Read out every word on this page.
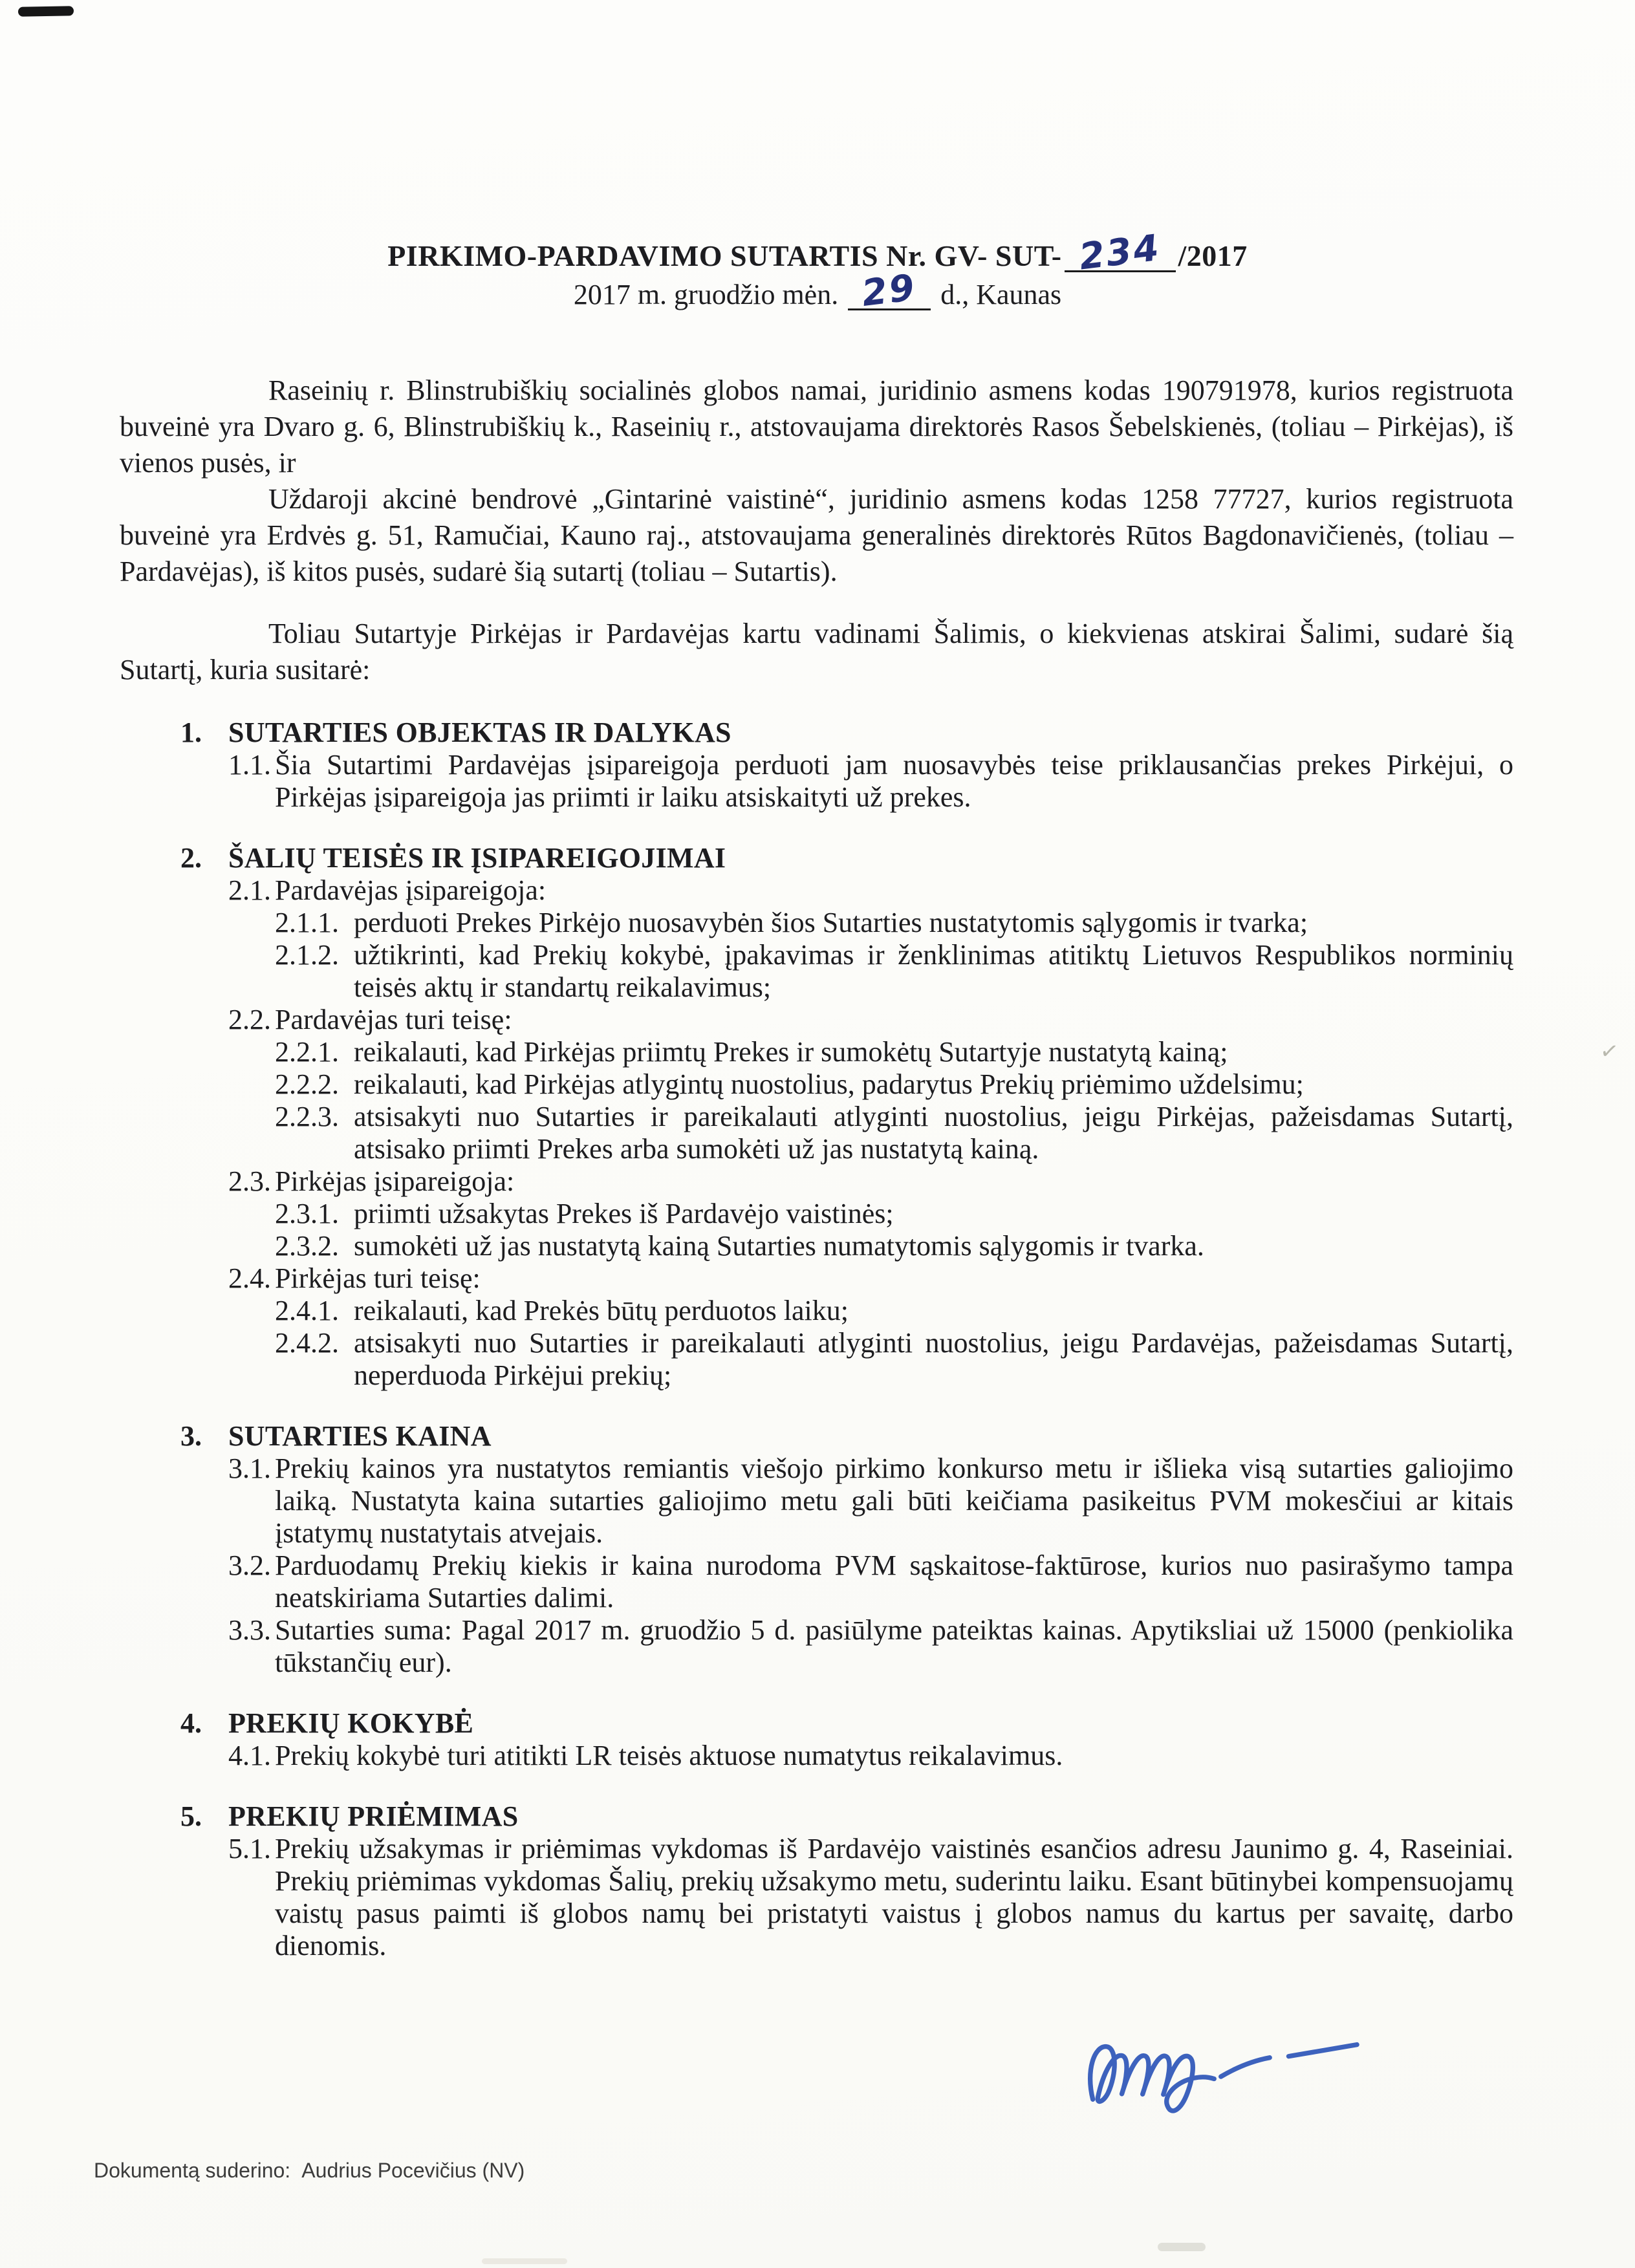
✓
PIRKIMO-PARDAVIMO SUTARTIS Nr. GV- SUT- 234 /2017
2017 m. gruodžio mėn. 29 d., Kaunas

Raseinių r. Blinstrubiškių socialinės globos namai, juridinio asmens kodas 190791978, kurios registruota buveinė yra Dvaro g. 6, Blinstrubiškių k., Raseinių r., atstovaujama direktorės Rasos Šebelskienės, (toliau – Pirkėjas), iš vienos pusės, ir

Uždaroji akcinė bendrovė „Gintarinė vaistinė“, juridinio asmens kodas 1258 77727, kurios registruota buveinė yra Erdvės g. 51, Ramučiai, Kauno raj., atstovaujama generalinės direktorės Rūtos Bagdonavičienės, (toliau – Pardavėjas), iš kitos pusės, sudarė šią sutartį (toliau – Sutartis).

Toliau Sutartyje Pirkėjas ir Pardavėjas kartu vadinami Šalimis, o kiekvienas atskirai Šalimi, sudarė šią Sutartį, kuria susitarė:

1. SUTARTIES OBJEKTAS IR DALYKAS
1.1. Šia Sutartimi Pardavėjas įsipareigoja perduoti jam nuosavybės teise priklausančias prekes Pirkėjui, o Pirkėjas įsipareigoja jas priimti ir laiku atsiskaityti už prekes.
2. ŠALIŲ TEISĖS IR ĮSIPAREIGOJIMAI
2.1. Pardavėjas įsipareigoja:
2.1.1. perduoti Prekes Pirkėjo nuosavybėn šios Sutarties nustatytomis sąlygomis ir tvarka;
2.1.2. užtikrinti, kad Prekių kokybė, įpakavimas ir ženklinimas atitiktų Lietuvos Respublikos norminių teisės aktų ir standartų reikalavimus;
2.2. Pardavėjas turi teisę:
2.2.1. reikalauti, kad Pirkėjas priimtų Prekes ir sumokėtų Sutartyje nustatytą kainą;
2.2.2. reikalauti, kad Pirkėjas atlygintų nuostolius, padarytus Prekių priėmimo uždelsimu;
2.2.3. atsisakyti nuo Sutarties ir pareikalauti atlyginti nuostolius, jeigu Pirkėjas, pažeisdamas Sutartį, atsisako priimti Prekes arba sumokėti už jas nustatytą kainą.
2.3. Pirkėjas įsipareigoja:
2.3.1. priimti užsakytas Prekes iš Pardavėjo vaistinės;
2.3.2. sumokėti už jas nustatytą kainą Sutarties numatytomis sąlygomis ir tvarka.
2.4. Pirkėjas turi teisę:
2.4.1. reikalauti, kad Prekės būtų perduotos laiku;
2.4.2. atsisakyti nuo Sutarties ir pareikalauti atlyginti nuostolius, jeigu Pardavėjas, pažeisdamas Sutartį, neperduoda Pirkėjui prekių;
3. SUTARTIES KAINA
3.1. Prekių kainos yra nustatytos remiantis viešojo pirkimo konkurso metu ir išlieka visą sutarties galiojimo laiką. Nustatyta kaina sutarties galiojimo metu gali būti keičiama pasikeitus PVM mokesčiui ar kitais įstatymų nustatytais atvejais.
3.2. Parduodamų Prekių kiekis ir kaina nurodoma PVM sąskaitose-faktūrose, kurios nuo pasirašymo tampa neatskiriama Sutarties dalimi.
3.3. Sutarties suma: Pagal 2017 m. gruodžio 5 d. pasiūlyme pateiktas kainas. Apytiksliai už 15000 (penkiolika tūkstančių eur).
4. PREKIŲ KOKYBĖ
4.1. Prekių kokybė turi atitikti LR teisės aktuose numatytus reikalavimus.
5. PREKIŲ PRIĖMIMAS
5.1. Prekių užsakymas ir priėmimas vykdomas iš Pardavėjo vaistinės esančios adresu Jaunimo g. 4, Raseiniai. Prekių priėmimas vykdomas Šalių, prekių užsakymo metu, suderintu laiku. Esant būtinybei kompensuojamų vaistų pasus paimti iš globos namų bei pristatyti vaistus į globos namus du kartus per savaitę, darbo dienomis.
Dokumentą suderino: Audrius Pocevičius (NV)
